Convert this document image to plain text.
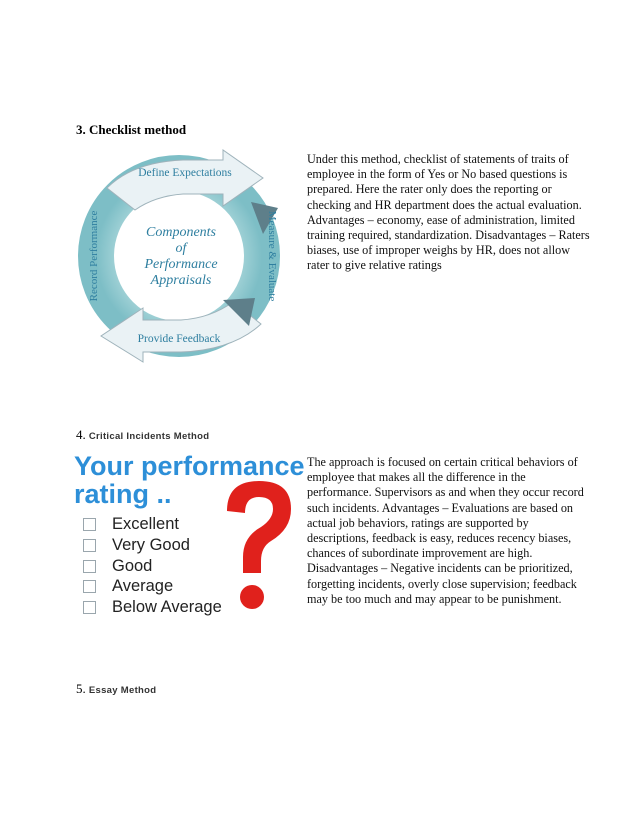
3. Checklist method
Define Expectations
Provide Feedback
Measure & Evaluate
Record Performance	Components
of
Performance
Appraisals
Under this method, checklist of statements of traits of
employee in the form of Yes or No based questions is
prepared. Here the rater only does the reporting or
checking and HR department does the actual evaluation.
Advantages – economy, ease of administration, limited
training required, standardization. Disadvantages – Raters
biases, use of improper weighs by HR, does not allow
rater to give relative ratings
4. Critical Incidents Method
Your performance
rating ..
Excellent
Very Good
Good
Average
Below Average
The approach is focused on certain critical behaviors of
employee that makes all the difference in the
performance. Supervisors as and when they occur record
such incidents. Advantages – Evaluations are based on
actual job behaviors, ratings are supported by
descriptions, feedback is easy, reduces recency biases,
chances of subordinate improvement are high.
Disadvantages – Negative incidents can be prioritized,
forgetting incidents, overly close supervision; feedback
may be too much and may appear to be punishment.
5. Essay Method
